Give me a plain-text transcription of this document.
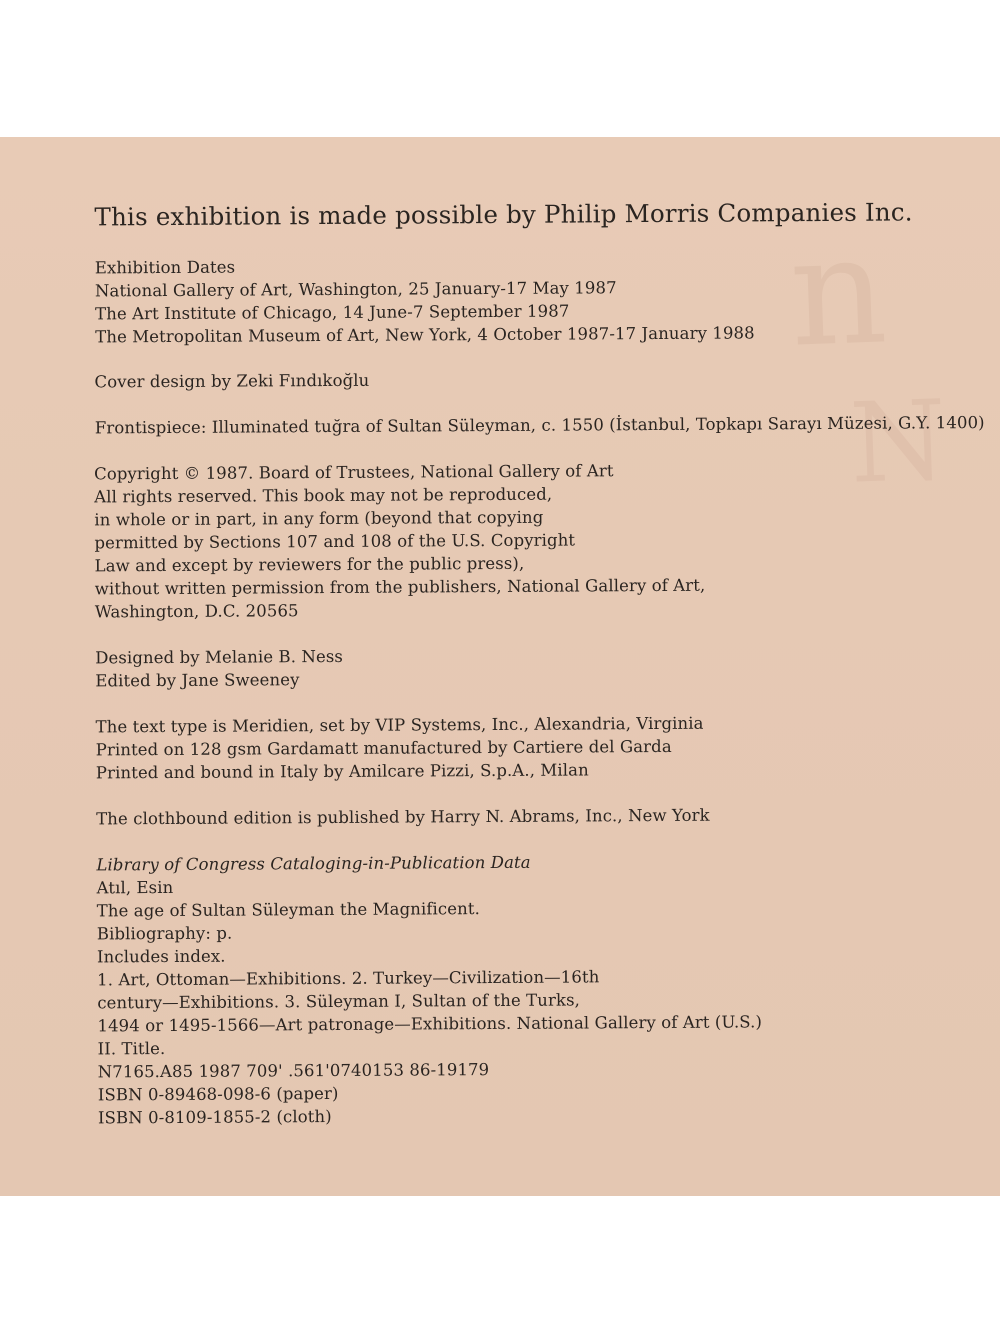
n
N
This exhibition is made possible by Philip Morris Companies Inc.
Exhibition Dates
National Gallery of Art, Washington, 25 January-17 May 1987
The Art Institute of Chicago, 14 June-7 September 1987
The Metropolitan Museum of Art, New York, 4 October 1987-17 January 1988
Cover design by Zeki Fındıkoğlu
Frontispiece: Illuminated tuğra of Sultan Süleyman, c. 1550 (İstanbul, Topkapı Sarayı Müzesi, G.Y. 1400)
Copyright © 1987. Board of Trustees, National Gallery of Art
All rights reserved. This book may not be reproduced,
in whole or in part, in any form (beyond that copying
permitted by Sections 107 and 108 of the U.S. Copyright
Law and except by reviewers for the public press),
without written permission from the publishers, National Gallery of Art,
Washington, D.C. 20565
Designed by Melanie B. Ness
Edited by Jane Sweeney
The text type is Meridien, set by VIP Systems, Inc., Alexandria, Virginia
Printed on 128 gsm Gardamatt manufactured by Cartiere del Garda
Printed and bound in Italy by Amilcare Pizzi, S.p.A., Milan
The clothbound edition is published by Harry N. Abrams, Inc., New York
Library of Congress Cataloging-in-Publication Data
Atıl, Esin
The age of Sultan Süleyman the Magnificent.
Bibliography: p.
Includes index.
1. Art, Ottoman—Exhibitions. 2. Turkey—Civilization—16th
century—Exhibitions. 3. Süleyman I, Sultan of the Turks,
1494 or 1495-1566—Art patronage—Exhibitions. National Gallery of Art (U.S.)
II. Title.
N7165.A85 1987 709' .561'0740153 86-19179
ISBN 0-89468-098-6 (paper)
ISBN 0-8109-1855-2 (cloth)
